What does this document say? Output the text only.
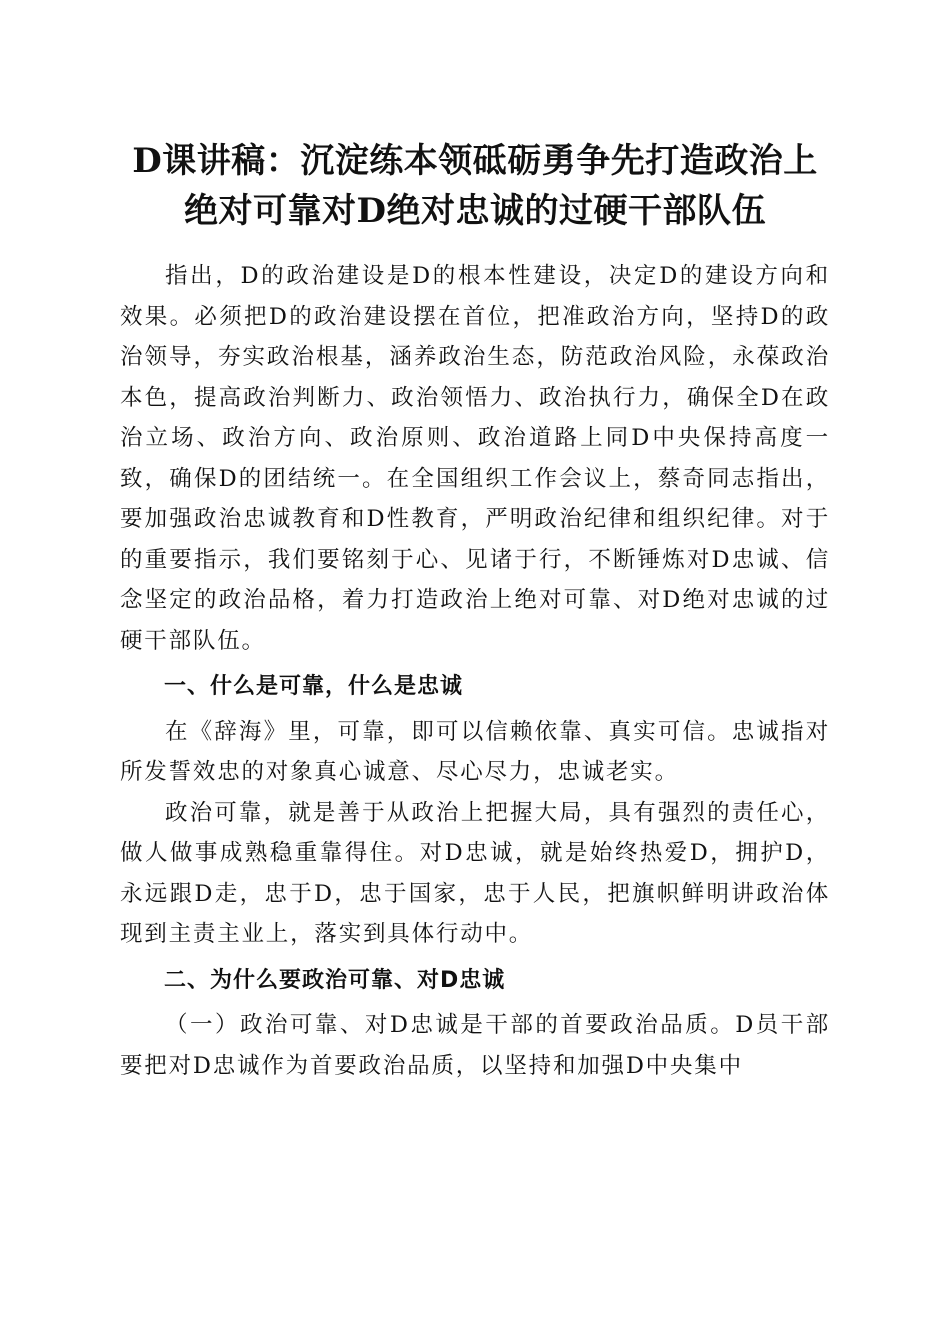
D课讲稿：沉淀练本领砥砺勇争先打造政治上
绝对可靠对D绝对忠诚的过硬干部队伍

指出，D的政治建设是D的根本性建设，决定D的建设方向和效果。必须把D的政治建设摆在首位，把准政治方向，坚持D的政治领导，夯实政治根基，涵养政治生态，防范政治风险，永葆政治本色，提高政治判断力、政治领悟力、政治执行力，确保全D在政治立场、政治方向、政治原则、政治道路上同D中央保持高度一致，确保D的团结统一。在全国组织工作会议上，蔡奇同志指出，要加强政治忠诚教育和D性教育，严明政治纪律和组织纪律。对于的重要指示，我们要铭刻于心、见诸于行，不断锤炼对D忠诚、信念坚定的政治品格，着力打造政治上绝对可靠、对D绝对忠诚的过硬干部队伍。

一、什么是可靠，什么是忠诚

在《辞海》里，可靠，即可以信赖依靠、真实可信。忠诚指对所发誓效忠的对象真心诚意、尽心尽力，忠诚老实。

政治可靠，就是善于从政治上把握大局，具有强烈的责任心，做人做事成熟稳重靠得住。对D忠诚，就是始终热爱D，拥护D，永远跟D走，忠于D，忠于国家，忠于人民，把旗帜鲜明讲政治体现到主责主业上，落实到具体行动中。

二、为什么要政治可靠、对D忠诚

（一）政治可靠、对D忠诚是干部的首要政治品质。D员干部要把对D忠诚作为首要政治品质，以坚持和加强D中央集中
